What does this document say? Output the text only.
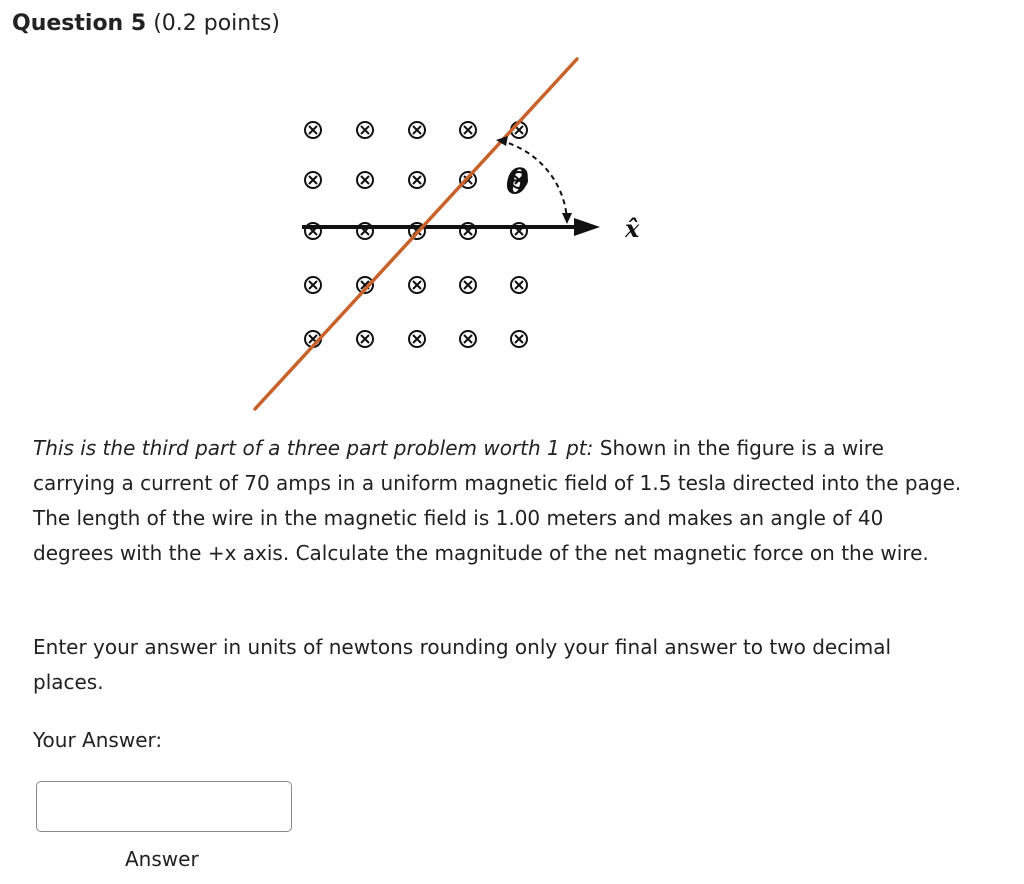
Question 5 (0.2 points)
θ
x̂
This is the third part of a three part problem worth 1 pt: Shown in the figure is a wire carrying a current of 70 amps in a uniform magnetic field of 1.5 tesla directed into the page. The length of the wire in the magnetic field is 1.00 meters and makes an angle of 40 degrees with the +x axis. Calculate the magnitude of the net magnetic force on the wire.
Enter your answer in units of newtons rounding only your final answer to two decimal places.
Your Answer:
Answer
